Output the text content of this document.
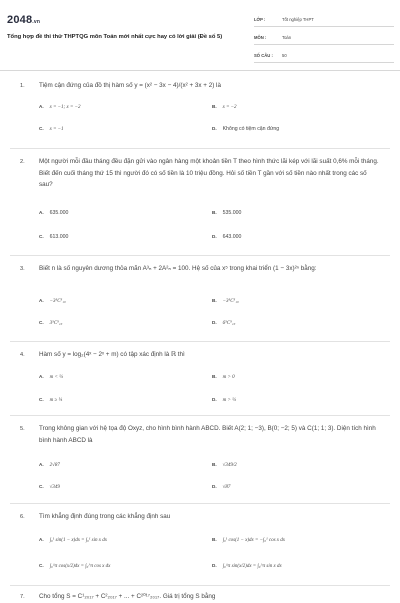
2048.vn
Tổng hợp đề thi thử THPTQG môn Toán mới nhất cực hay có lời giải (Đề số 5)
LỚP :	Tốt nghiệp THPT
MÔN :	Toán
SỐ CÂU : 50
1. Tiệm cận đứng của đồ thị hàm số y = (x² − 3x − 4)/(x² + 3x + 2) là
A. x = −1; x = −2	B. x = −2
C. x = −1	D. Không có tiệm cận đứng
2. Một người mỗi đầu tháng đều đặn gửi vào ngân hàng một khoản tiền T theo hình thức lãi kép với lãi suất 0,6% mỗi tháng. Biết đến cuối tháng thứ 15 thì người đó có số tiền là 10 triệu đồng. Hỏi số tiền T gần với số tiền nào nhất trong các số sau?
A. 635.000	B. 535.000
C. 613.000	D. 643.000
3. Biết n là số nguyên dương thỏa mãn A³ₙ + 2A²ₙ = 100. Hệ số của x⁵ trong khai triển (1 − 3x)²ⁿ bằng:
A. −3⁵C⁵₁₀	B. −3⁵C⁵₁₀
C. 3⁵C⁵₁₀	D. 6⁵C⁵₁₀
4. Hàm số y = log₂(4ˣ − 2ˣ + m) có tập xác định là ℝ thì
A. m < ¼	B. m > 0
C. m ≥ ¼	D. m > ¼
5. Trong không gian với hệ tọa độ Oxyz, cho hình bình hành ABCD. Biết A(2; 1; −3), B(0; −2; 5) và C(1; 1; 3). Diện tích hình bình hành ABCD là
A. 2√87	B. √349/2
C. √349	D. √87
6. Tìm khẳng định đúng trong các khẳng định sau
A. ∫₀¹ sin(1 − x)dx = ∫₀¹ sin x dx	B. ∫₀¹ cos(1 − x)dx = −∫₀¹ cos x dx
C. ∫₀^π cos(x/2)dx = ∫₀^π cos x dx	D. ∫₀^π sin(x/2)dx = ∫₀^π sin x dx
7. Cho tổng S = C¹₂₀₁₇ + C²₂₀₁₇ + ... + C²⁰¹⁷₂₀₁₇. Giá trị tổng S bằng
